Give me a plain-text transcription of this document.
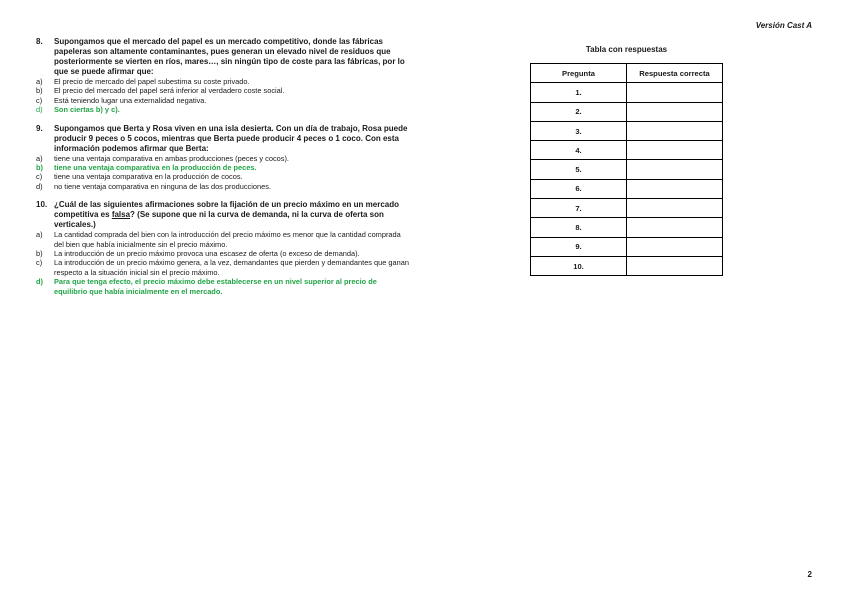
Versión Cast A
8.	Supongamos que el mercado del papel es un mercado competitivo, donde las fábricas papeleras son altamente contaminantes, pues generan un elevado nivel de residuos que posteriormente se vierten en ríos, mares…, sin ningún tipo de coste para las fábricas, por lo que se puede afirmar que:
a)	El precio de mercado del papel subestima su coste privado.
b)	El precio del mercado del papel será inferior al verdadero coste social.
c)	Está teniendo lugar una externalidad negativa.
d)	Son ciertas b) y c).
9.	Supongamos que Berta y Rosa viven en una isla desierta. Con un día de trabajo, Rosa puede producir 9 peces o 5 cocos, mientras que Berta puede producir 4 peces o 1 coco. Con esta información podemos afirmar que Berta:
a)	tiene una ventaja comparativa en ambas producciones (peces y cocos).
b)	tiene una ventaja comparativa en la producción de peces.
c)	tiene una ventaja comparativa en la producción de cocos.
d)	no tiene ventaja comparativa en ninguna de las dos producciones.
10. ¿Cuál de las siguientes afirmaciones sobre la fijación de un precio máximo en un mercado competitiva es falsa? (Se supone que ni la curva de demanda, ni la curva de oferta son verticales.)
a)	La cantidad comprada del bien con la introducción del precio máximo es menor que la cantidad comprada del bien que había inicialmente sin el precio máximo.
b)	La introducción de un precio máximo provoca una escasez de oferta (o exceso de demanda).
c)	La introducción de un precio máximo genera, a la vez, demandantes que pierden y demandantes que ganan respecto a la situación inicial sin el precio máximo.
d)	Para que tenga efecto, el precio máximo debe establecerse en un nivel superior al precio de equilibrio que había inicialmente en el mercado.
Tabla con respuestas
Pregunta	Respuesta correcta
1.	
2.	
3.	
4.	
5.	
6.	
7.	
8.	
9.	
10.	
2
